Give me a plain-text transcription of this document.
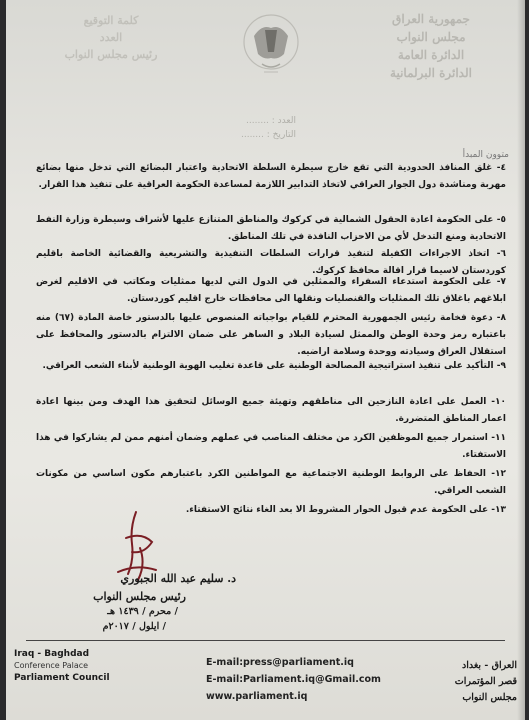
جمهورية العراق
مجلس النواب
الدائرة العامة
الدائرة البرلمانية
كلمة التوقيع
العدد
رئيس مجلس النواب
العدد : ........
التاريخ : ........
متوون المبدأ
٤- غلق المنافذ الحدودية التي تقع خارج سيطرة السلطة الاتحادية واعتبار البضائع التي تدخل منها بضائع مهربة ومناشدة دول الجوار العراقي لاتخاذ التدابير اللازمة لمساعدة الحكومة العراقية على تنفيذ هذا القرار.
٥- على الحكومة اعادة الحقول الشمالية في كركوك والمناطق المتنازع عليها لأشراف وسيطرة وزارة النفط الاتحادية ومنع التدخل لأي من الاحزاب النافذة في تلك المناطق.
٦- اتخاذ الاجراءات الكفيلة لتنفيذ قرارات السلطات التنفيذية والتشريعية والقضائية الخاصة باقليم كوردستان لاسيما قرار اقالة محافظ كركوك.
٧- على الحكومة استدعاء السفراء والممثلين في الدول التي لديها ممثليات ومكاتب في الاقليم لغرض ابلاغهم باغلاق تلك الممثليات والقنصليات ونقلها الى محافظات خارج اقليم كوردستان.
٨- دعوة فخامة رئيس الجمهورية المحترم للقيام بواجباته المنصوص عليها بالدستور خاصة المادة (٦٧) منه باعتباره رمز وحدة الوطن والممثل لسيادة البلاد و الساهر على ضمان الالتزام بالدستور والمحافظ على استقلال العراق وسيادته ووحدة وسلامة اراضيه.
٩- التأكيد على تنفيذ استراتيجية المصالحة الوطنية على قاعدة تغليب الهوية الوطنية لأبناء الشعب العراقي.
١٠- العمل على اعادة النازحين الى مناطقهم وتهيئة جميع الوسائل لتحقيق هذا الهدف ومن بينها اعادة اعمار المناطق المتضررة.
١١- استمرار جميع الموظفين الكرد من مختلف المناصب في عملهم وضمان أمنهم ممن لم يشاركوا في هذا الاستفتاء.
١٢- الحفاظ على الروابط الوطنية الاجتماعية مع المواطنين الكرد باعتبارهم مكون اساسي من مكونات الشعب العراقي.
١٣- على الحكومة عدم قبول الحوار المشروط الا بعد الغاء نتائج الاستفتاء.
د. سليم عبد الله الجبوري
رئيس مجلس النواب
/ محرم / ١٤٣٩ هـ
/ ايلول / ٢٠١٧م
Iraq - Baghdad
Conference Palace
Parliament Council
E-mail:press@parliament.iq
E-mail:Parliament.iq@Gmail.com
www.parliament.iq
العراق - بغداد
قصر المؤتمرات
مجلس النواب
